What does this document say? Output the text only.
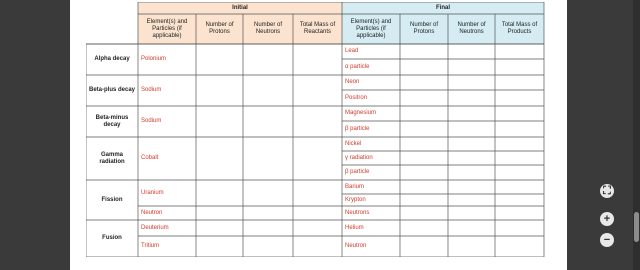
Initial	Final
Element(s) and Particles (if applicable)
Number of Protons
Number of Neutrons
Total Mass of Reactants
Element(s) and Particles (if applicable)
Number of Protons
Number of Neutrons
Total Mass of Products
Alpha decay	Polonium
Lead
α particle
Beta-plus decay Sodium
Neon
Positron
Beta-minus decay
Sodium
Magnesium
β particle
Gamma radiation
Cobalt
Nickel
γ radiation
β particle
Fission
Uranium
Neutron
Barium
Krypton
Neutrons
Fusion
Deuterium
Tritium
Helium
Neutron
⛶
+
−
